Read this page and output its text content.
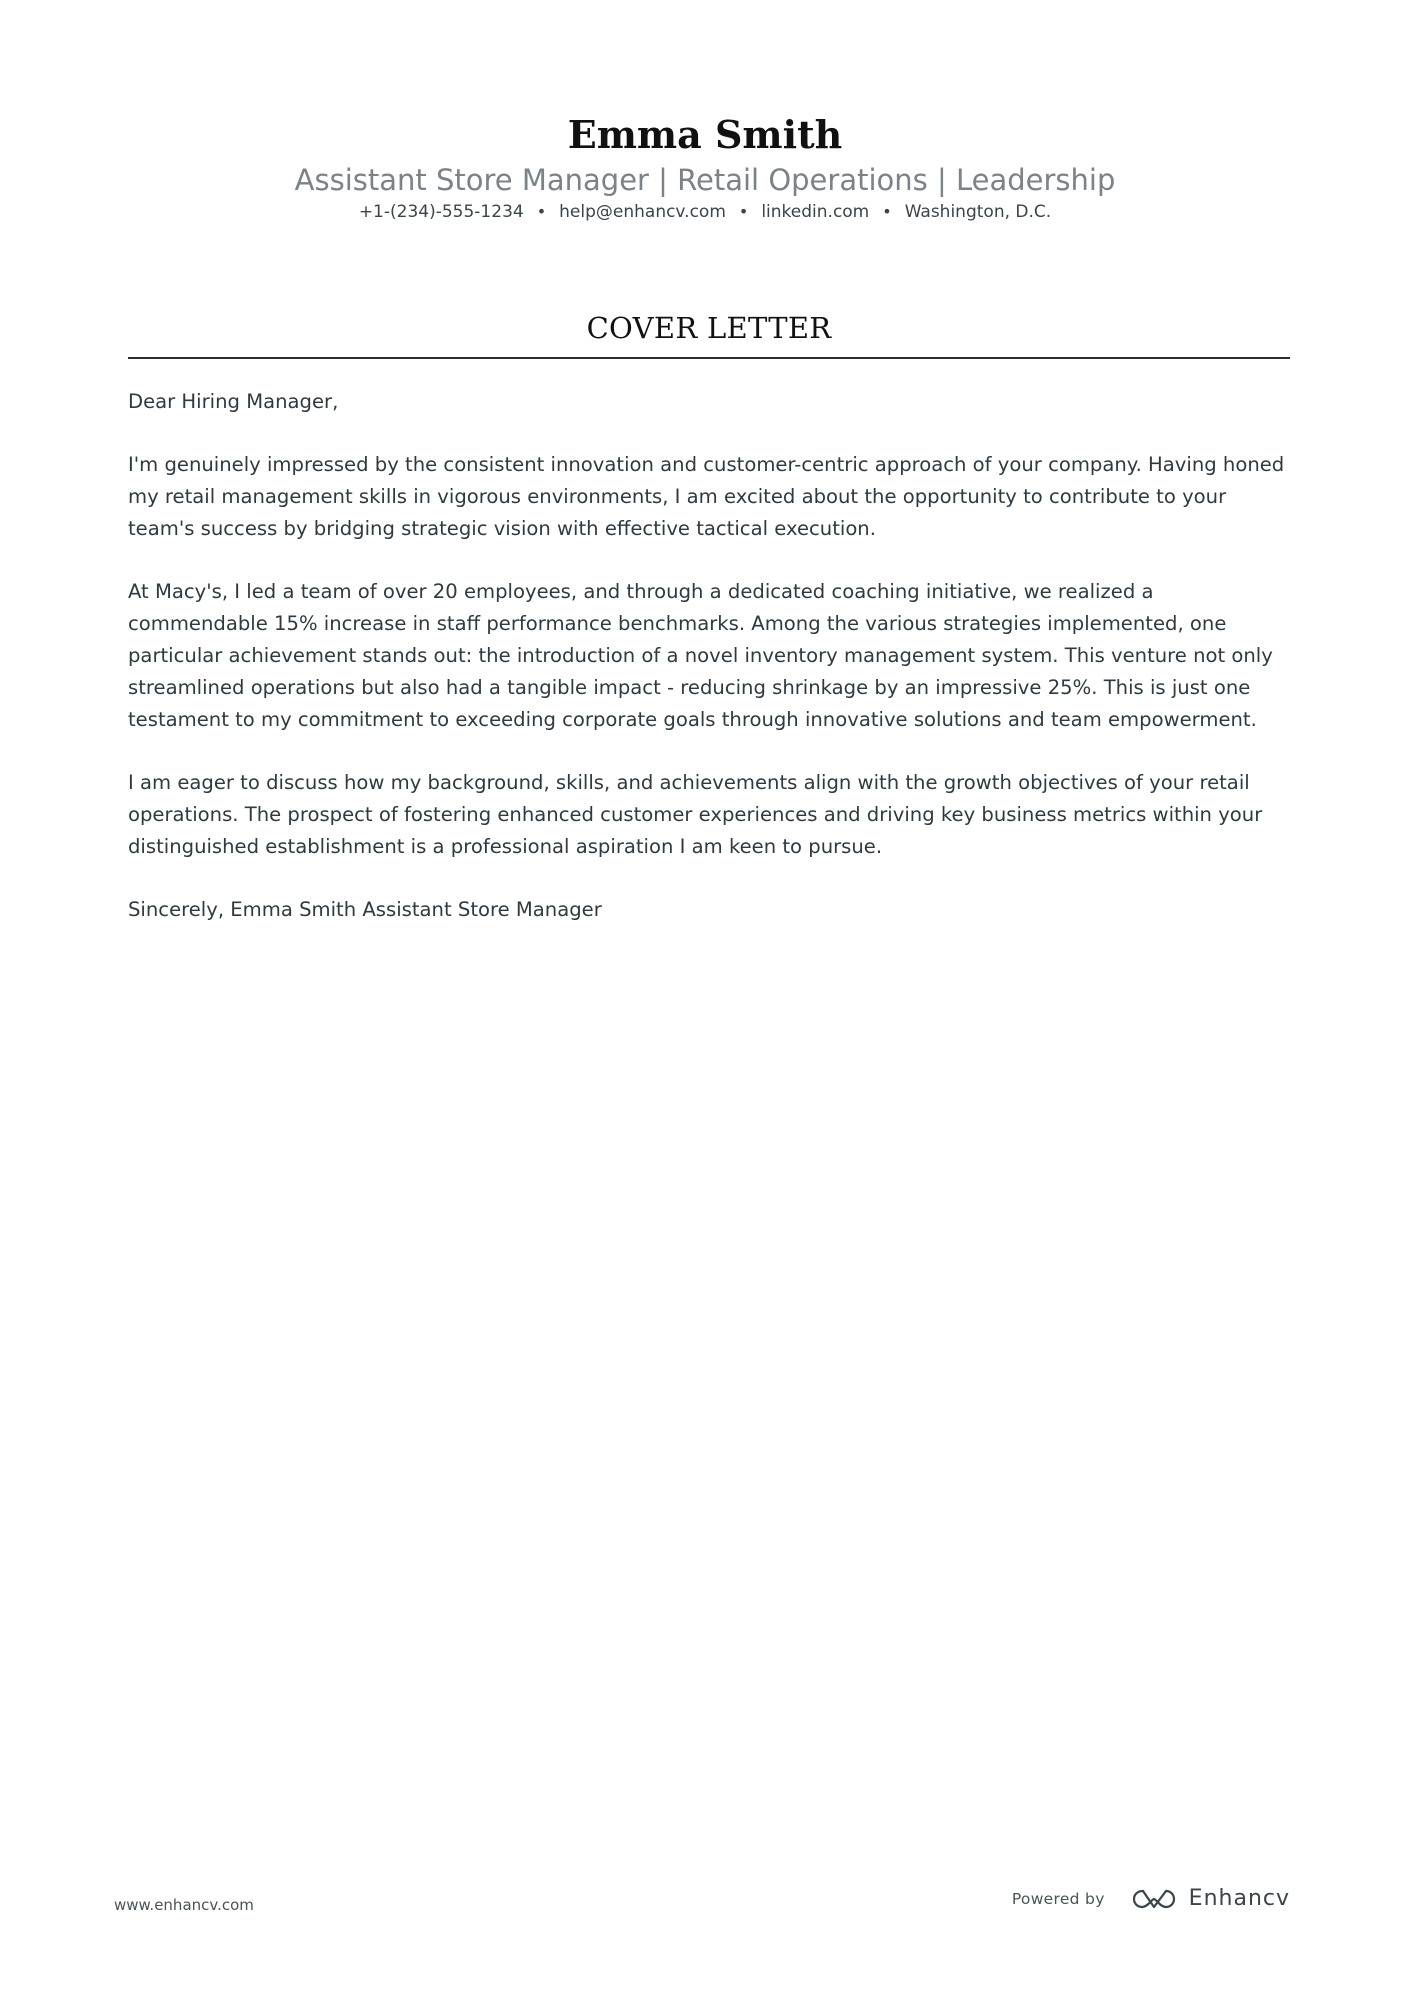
Emma Smith
Assistant Store Manager | Retail Operations | Leadership
+1-(234)-555-1234 • help@enhancv.com • linkedin.com • Washington, D.C.
COVER LETTER

Dear Hiring Manager,

I'm genuinely impressed by the consistent innovation and customer-centric approach of your company. Having honed my retail management skills in vigorous environments, I am excited about the opportunity to contribute to your team's success by bridging strategic vision with effective tactical execution.

At Macy's, I led a team of over 20 employees, and through a dedicated coaching initiative, we realized a commendable 15% increase in staff performance benchmarks. Among the various strategies implemented, one particular achievement stands out: the introduction of a novel inventory management system. This venture not only streamlined operations but also had a tangible impact - reducing shrinkage by an impressive 25%. This is just one testament to my commitment to exceeding corporate goals through innovative solutions and team empowerment.

I am eager to discuss how my background, skills, and achievements align with the growth objectives of your retail operations. The prospect of fostering enhanced customer experiences and driving key business metrics within your distinguished establishment is a professional aspiration I am keen to pursue.

Sincerely, Emma Smith Assistant Store Manager

www.enhancv.com	Powered by	Enhancv
